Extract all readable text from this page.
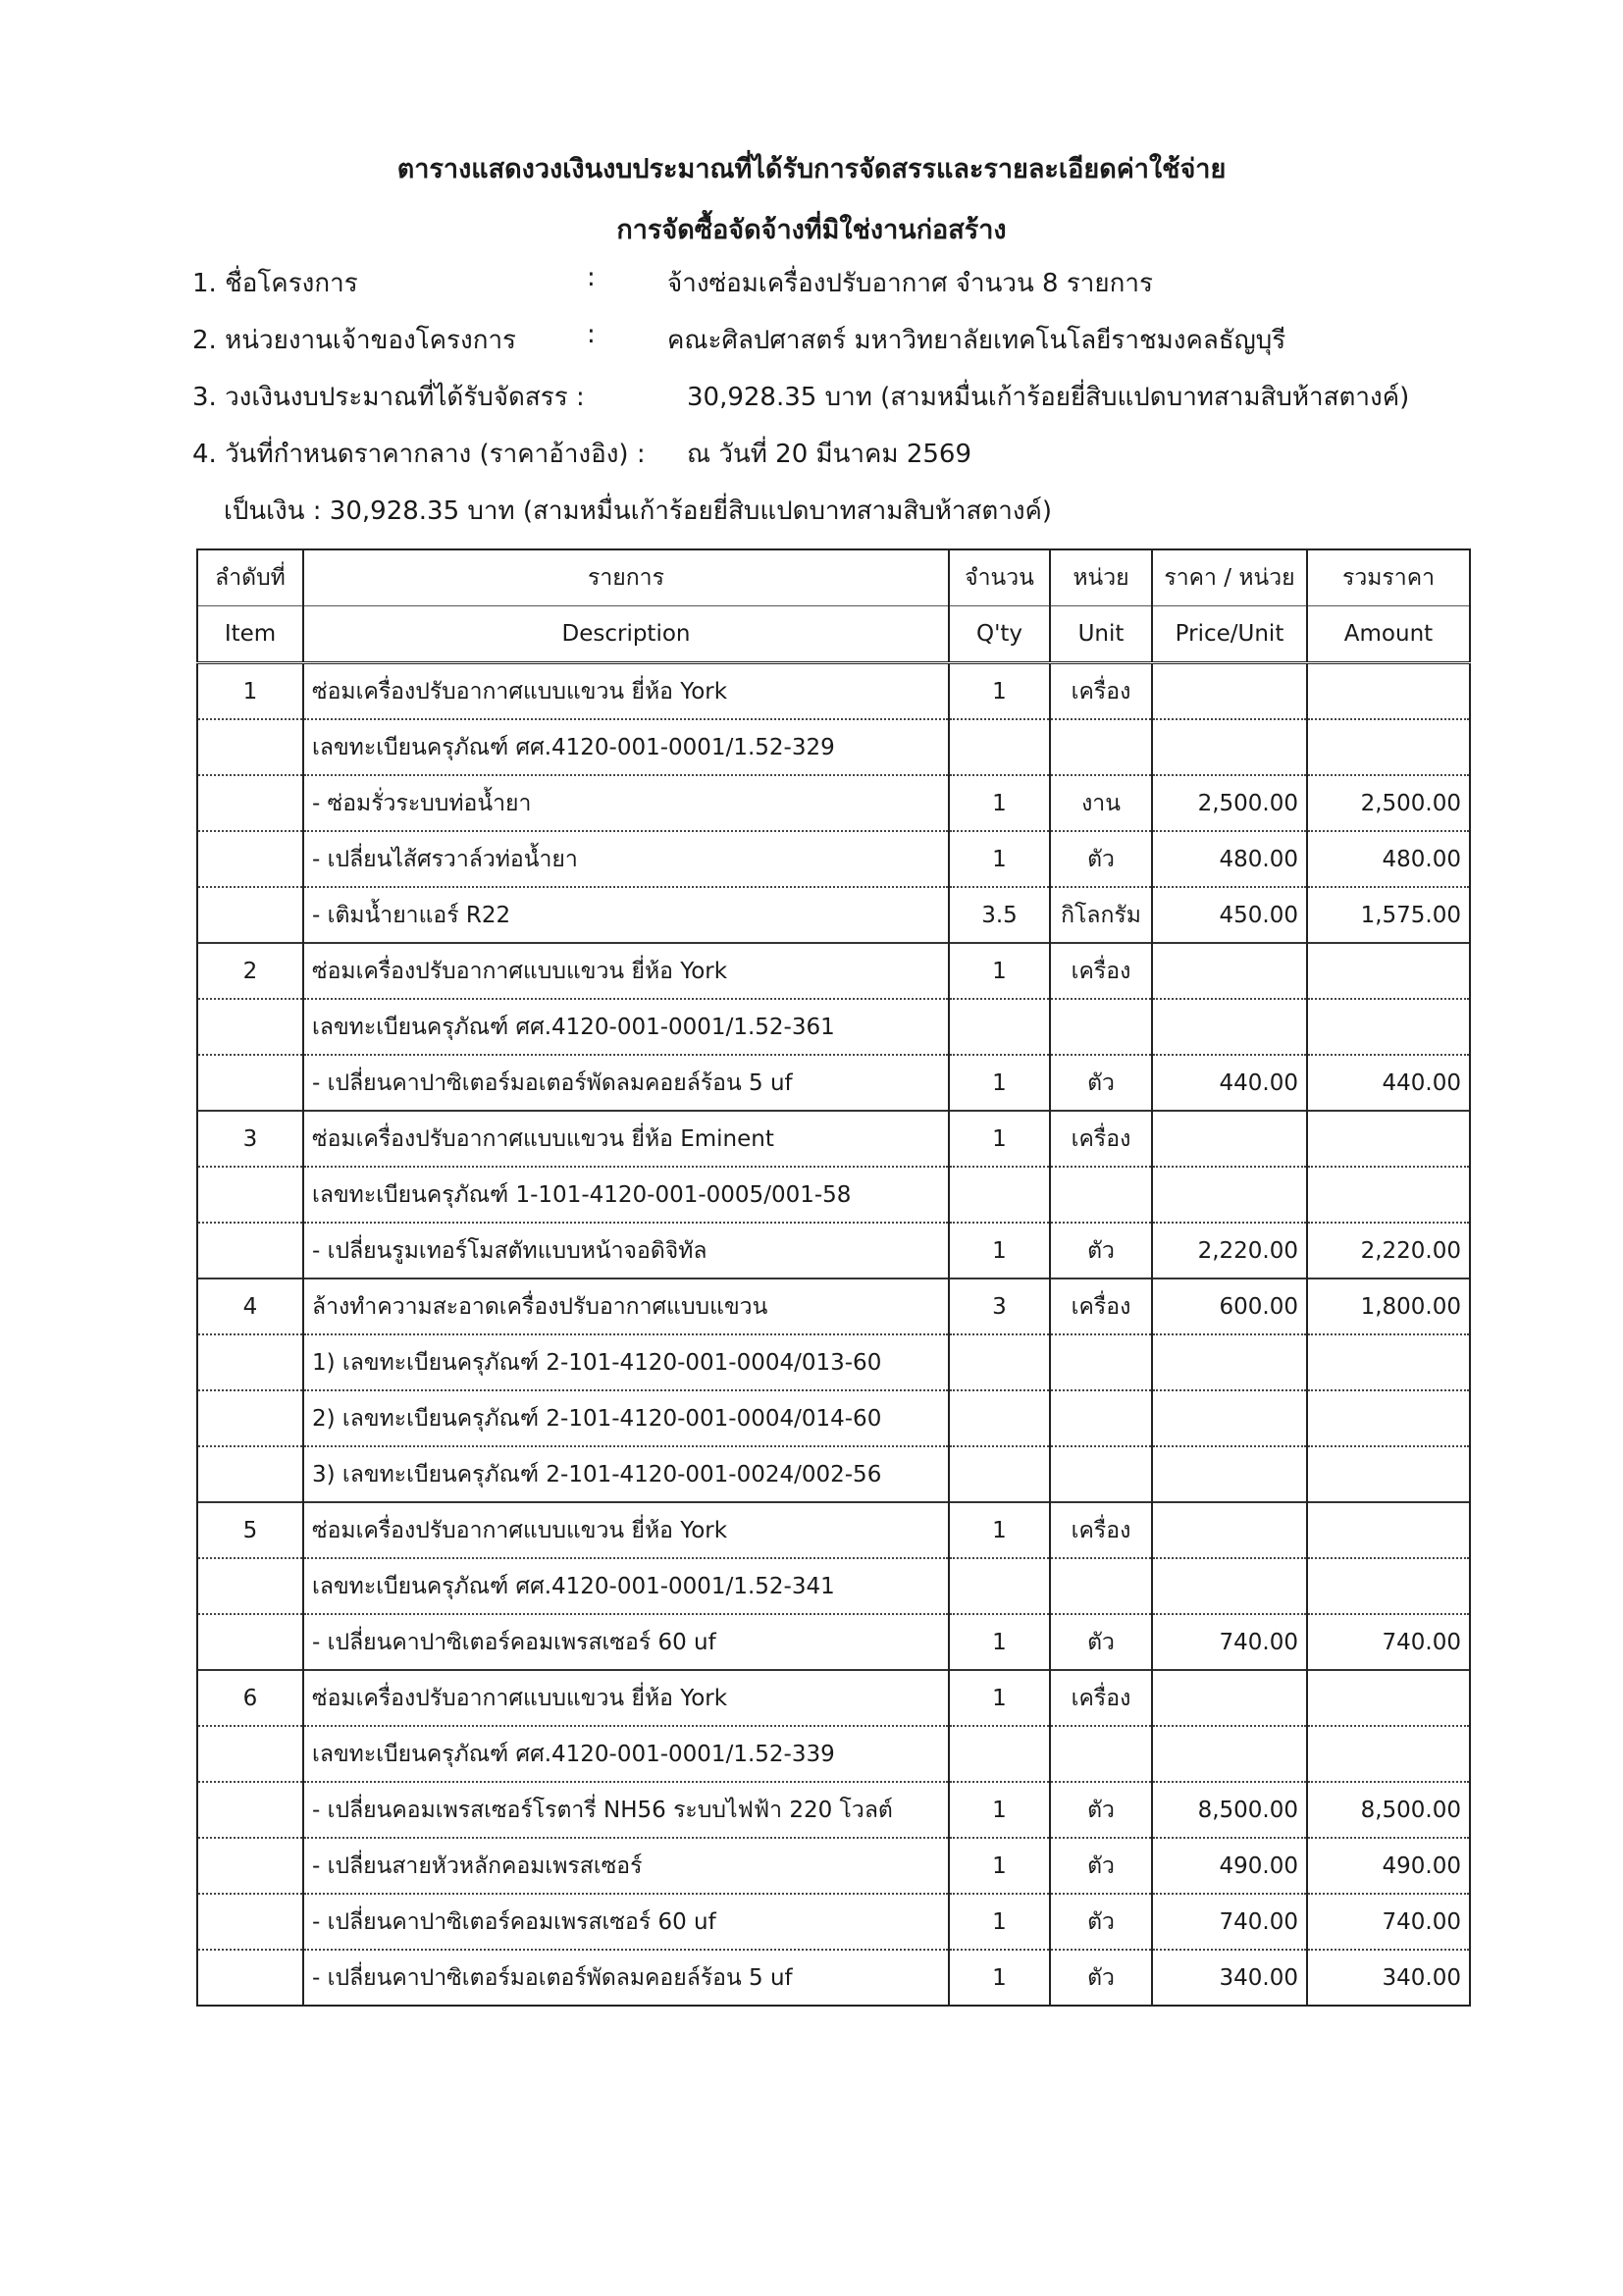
ตารางแสดงวงเงินงบประมาณที่ได้รับการจัดสรรและรายละเอียดค่าใช้จ่าย
การจัดซื้อจัดจ้างที่มิใช่งานก่อสร้าง
1. ชื่อโครงการ	:	จ้างซ่อมเครื่องปรับอากาศ จำนวน 8 รายการ
2. หน่วยงานเจ้าของโครงการ	:	คณะศิลปศาสตร์ มหาวิทยาลัยเทคโนโลยีราชมงคลธัญบุรี
3. วงเงินงบประมาณที่ได้รับจัดสรร :	30,928.35 บาท (สามหมื่นเก้าร้อยยี่สิบแปดบาทสามสิบห้าสตางค์)
4. วันที่กำหนดราคากลาง (ราคาอ้างอิง) : ณ วันที่ 20 มีนาคม 2569
เป็นเงิน : 30,928.35 บาท (สามหมื่นเก้าร้อยยี่สิบแปดบาทสามสิบห้าสตางค์)
ลำดับที่	รายการ	จำนวน	หน่วย	ราคา / หน่วย	รวมราคา
Item	Description	Q'ty	Unit	Price/Unit	Amount
1	ซ่อมเครื่องปรับอากาศแบบแขวน ยี่ห้อ York	1	เครื่อง		
	เลขทะเบียนครุภัณฑ์ ศศ.4120-001-0001/1.52-329				
	- ซ่อมรั่วระบบท่อน้ำยา	1	งาน	2,500.00	2,500.00
	- เปลี่ยนไส้ศรวาล์วท่อน้ำยา	1	ตัว	480.00	480.00
	- เติมน้ำยาแอร์ R22	3.5	กิโลกรัม	450.00	1,575.00
2	ซ่อมเครื่องปรับอากาศแบบแขวน ยี่ห้อ York	1	เครื่อง		
	เลขทะเบียนครุภัณฑ์ ศศ.4120-001-0001/1.52-361				
	- เปลี่ยนคาปาซิเตอร์มอเตอร์พัดลมคอยล์ร้อน 5 uf	1	ตัว	440.00	440.00
3	ซ่อมเครื่องปรับอากาศแบบแขวน ยี่ห้อ Eminent	1	เครื่อง		
	เลขทะเบียนครุภัณฑ์ 1-101-4120-001-0005/001-58				
	- เปลี่ยนรูมเทอร์โมสตัทแบบหน้าจอดิจิทัล	1	ตัว	2,220.00	2,220.00
4	ล้างทำความสะอาดเครื่องปรับอากาศแบบแขวน	3	เครื่อง	600.00	1,800.00
	1) เลขทะเบียนครุภัณฑ์ 2-101-4120-001-0004/013-60				
	2) เลขทะเบียนครุภัณฑ์ 2-101-4120-001-0004/014-60				
	3) เลขทะเบียนครุภัณฑ์ 2-101-4120-001-0024/002-56				
5	ซ่อมเครื่องปรับอากาศแบบแขวน ยี่ห้อ York	1	เครื่อง		
	เลขทะเบียนครุภัณฑ์ ศศ.4120-001-0001/1.52-341				
	- เปลี่ยนคาปาซิเตอร์คอมเพรสเซอร์ 60 uf	1	ตัว	740.00	740.00
6	ซ่อมเครื่องปรับอากาศแบบแขวน ยี่ห้อ York	1	เครื่อง		
	เลขทะเบียนครุภัณฑ์ ศศ.4120-001-0001/1.52-339				
	- เปลี่ยนคอมเพรสเซอร์โรตารี่ NH56 ระบบไฟฟ้า 220 โวลต์	1	ตัว	8,500.00	8,500.00
	- เปลี่ยนสายหัวหลักคอมเพรสเซอร์	1	ตัว	490.00	490.00
	- เปลี่ยนคาปาซิเตอร์คอมเพรสเซอร์ 60 uf	1	ตัว	740.00	740.00
	- เปลี่ยนคาปาซิเตอร์มอเตอร์พัดลมคอยล์ร้อน 5 uf	1	ตัว	340.00	340.00
